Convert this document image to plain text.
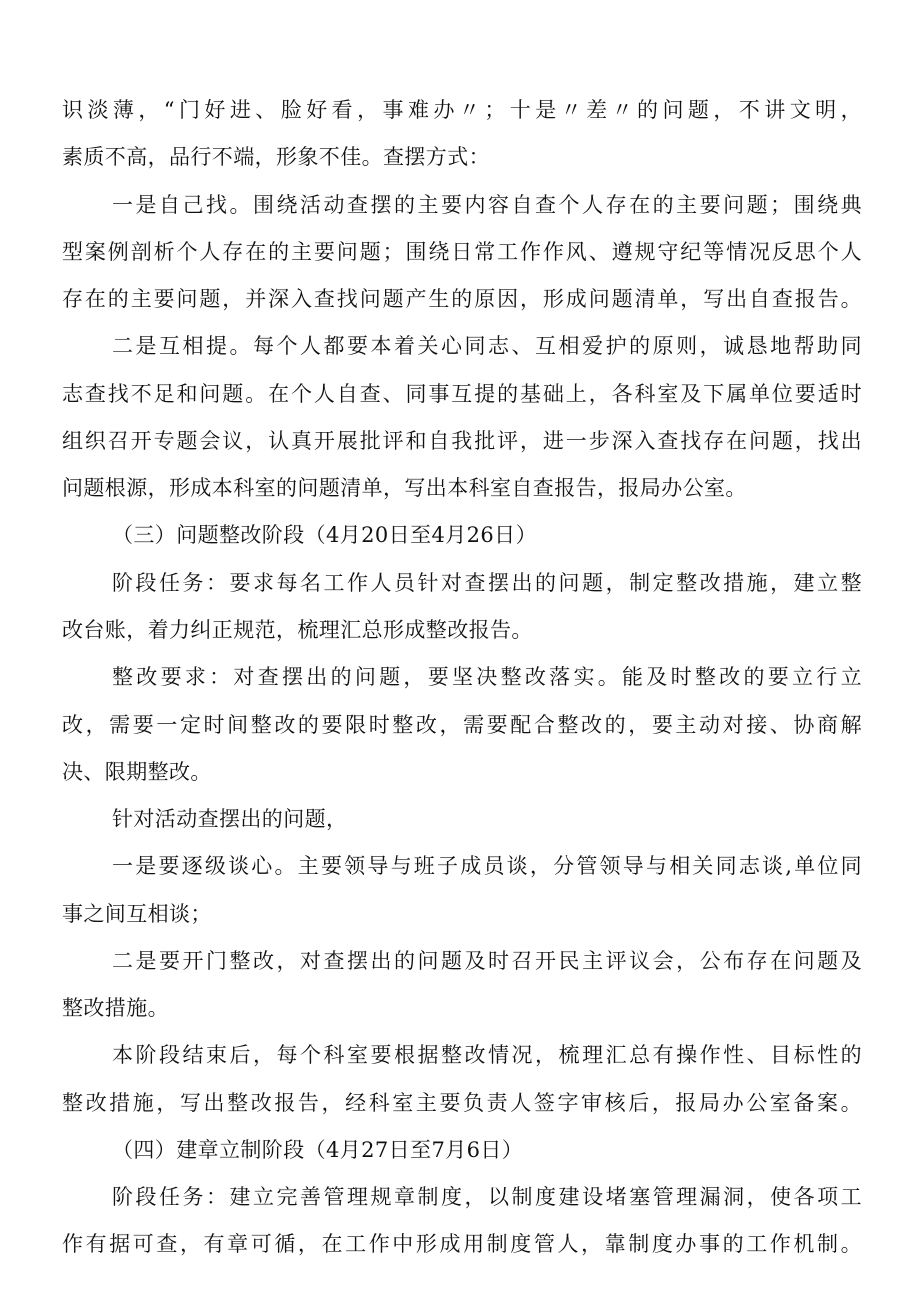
识淡薄，“门好进、脸好看，事难办〃；十是〃差〃的问题，不讲文明，
素质不高，品行不端，形象不佳。查摆方式：
一是自己找。围绕活动查摆的主要内容自查个人存在的主要问题；围绕典
型案例剖析个人存在的主要问题；围绕日常工作作风、遵规守纪等情况反思个人
存在的主要问题，并深入查找问题产生的原因，形成问题清单，写出自查报告。
二是互相提。每个人都要本着关心同志、互相爱护的原则，诚恳地帮助同
志查找不足和问题。在个人自查、同事互提的基础上，各科室及下属单位要适时
组织召开专题会议，认真开展批评和自我批评，进一步深入查找存在问题，找出
问题根源，形成本科室的问题清单，写出本科室自查报告，报局办公室。
（三）问题整改阶段（4月20日至4月26日）
阶段任务：要求每名工作人员针对查摆出的问题，制定整改措施，建立整
改台账，着力纠正规范，梳理汇总形成整改报告。
整改要求：对查摆出的问题，要坚决整改落实。能及时整改的要立行立
改，需要一定时间整改的要限时整改，需要配合整改的，要主动对接、协商解
决、限期整改。
针对活动查摆出的问题，
一是要逐级谈心。主要领导与班子成员谈，分管领导与相关同志谈,单位同
事之间互相谈；
二是要开门整改，对查摆出的问题及时召开民主评议会，公布存在问题及
整改措施。
本阶段结束后，每个科室要根据整改情况，梳理汇总有操作性、目标性的
整改措施，写出整改报告，经科室主要负责人签字审核后，报局办公室备案。
（四）建章立制阶段（4月27日至7月6日）
阶段任务：建立完善管理规章制度，以制度建设堵塞管理漏洞，使各项工
作有据可查，有章可循，在工作中形成用制度管人，靠制度办事的工作机制。
